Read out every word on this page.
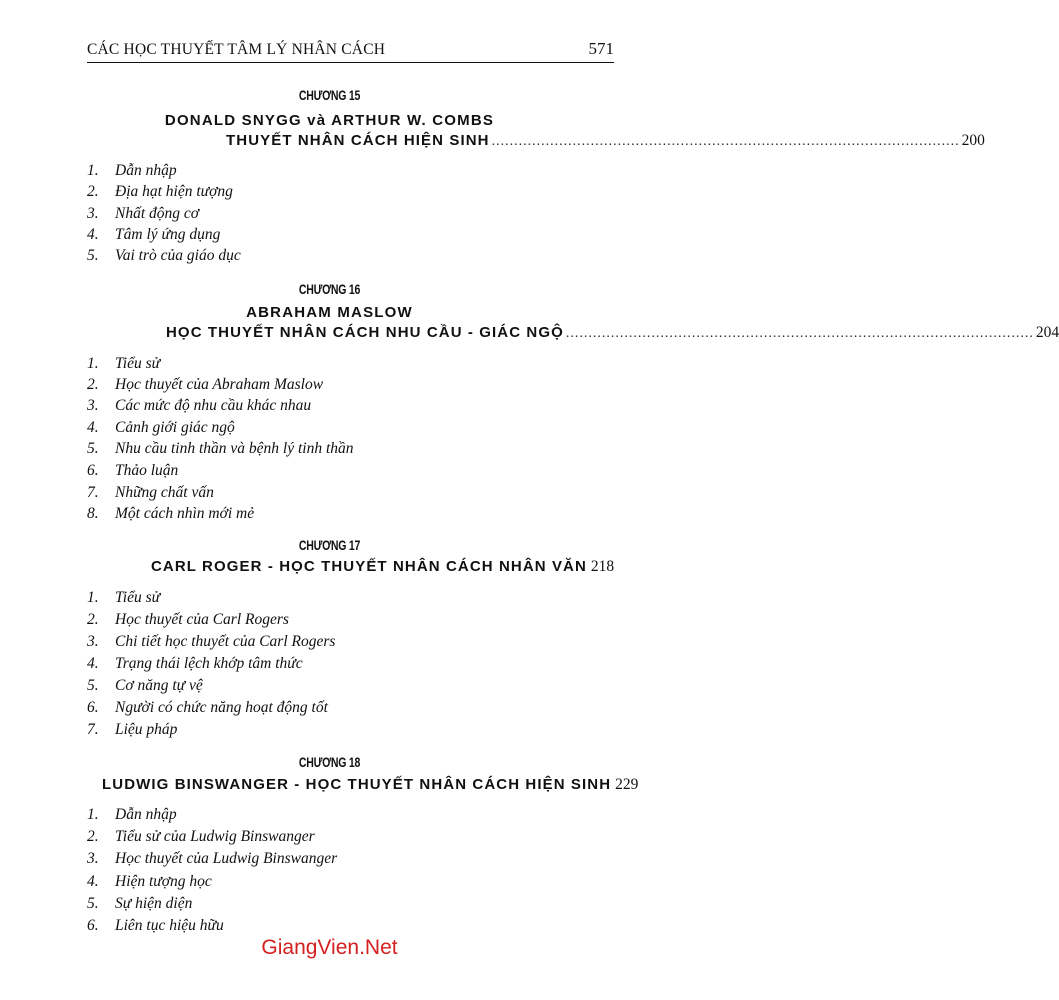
CÁC HỌC THUYẾT TÂM LÝ NHÂN CÁCH	571
CHƯƠNG 15
DONALD SNYGG và ARTHUR W. COMBS
THUYẾT NHÂN CÁCH HIỆN SINH ........................................................................................................ 200
1. Dẫn nhập
2. Địa hạt hiện tượng
3. Nhất động cơ
4. Tâm lý ứng dụng
5. Vai trò của giáo dục
CHƯƠNG 16
ABRAHAM MASLOW
HỌC THUYẾT NHÂN CÁCH NHU CẦU - GIÁC NGỘ ........................................................................................................ 204
1. Tiểu sử
2. Học thuyết của Abraham Maslow
3. Các mức độ nhu cầu khác nhau
4. Cảnh giới giác ngộ
5. Nhu cầu tinh thần và bệnh lý tinh thần
6. Thảo luận
7. Những chất vấn
8. Một cách nhìn mới mẻ
CHƯƠNG 17
CARL ROGER - HỌC THUYẾT NHÂN CÁCH NHÂN VĂN 218
1. Tiểu sử
2. Học thuyết của Carl Rogers
3. Chi tiết học thuyết của Carl Rogers
4. Trạng thái lệch khớp tâm thức
5. Cơ năng tự vệ
6. Người có chức năng hoạt động tốt
7. Liệu pháp
CHƯƠNG 18
LUDWIG BINSWANGER - HỌC THUYẾT NHÂN CÁCH HIỆN SINH 229
1. Dẫn nhập
2. Tiểu sử của Ludwig Binswanger
3. Học thuyết của Ludwig Binswanger
4. Hiện tượng học
5. Sự hiện diện
6. Liên tục hiệu hữu
GiangVien.Net
